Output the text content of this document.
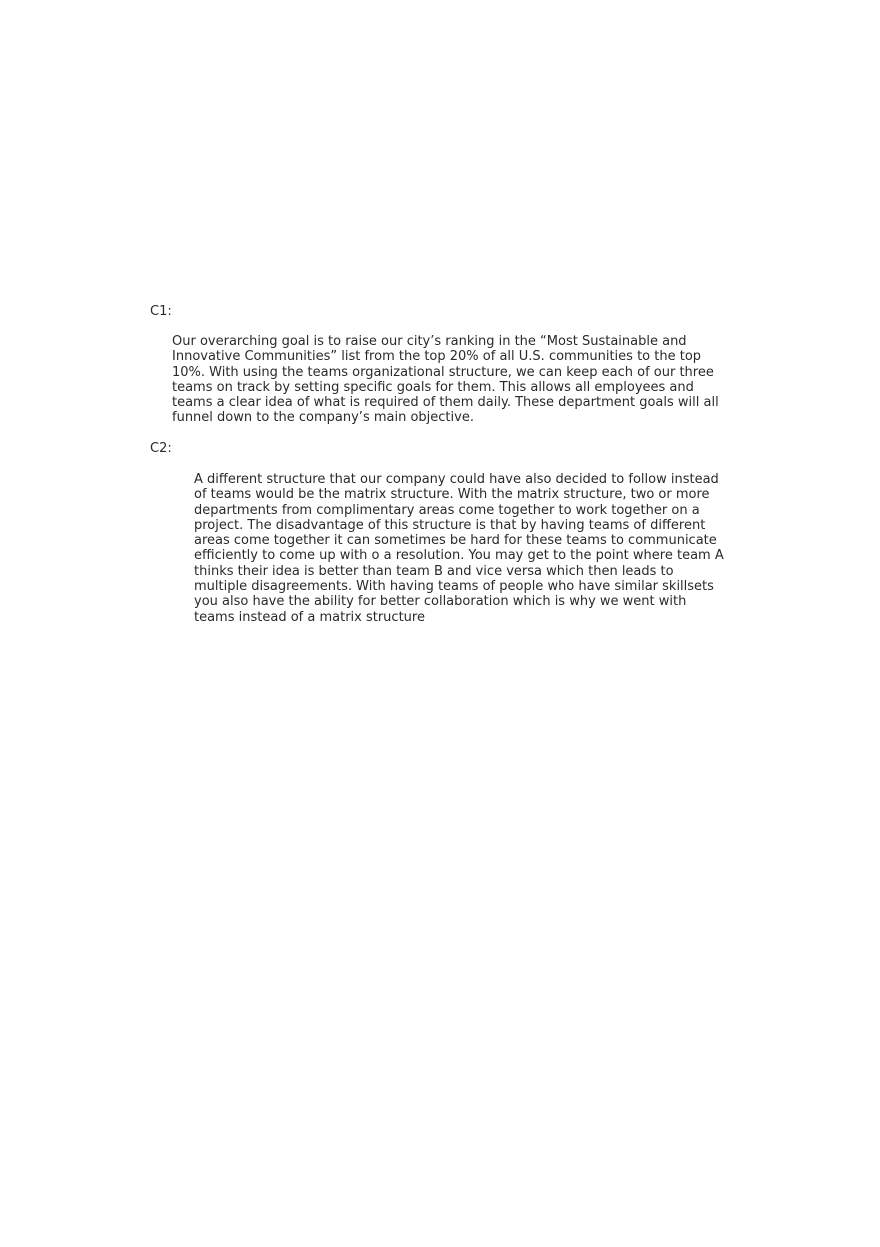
C1:

Our overarching goal is to raise our city’s ranking in the “Most Sustainable and
Innovative Communities” list from the top 20% of all U.S. communities to the top
10%. With using the teams organizational structure, we can keep each of our three
teams on track by setting specific goals for them. This allows all employees and
teams a clear idea of what is required of them daily. These department goals will all
funnel down to the company’s main objective.

C2:

A different structure that our company could have also decided to follow instead
of teams would be the matrix structure. With the matrix structure, two or more
departments from complimentary areas come together to work together on a
project. The disadvantage of this structure is that by having teams of different
areas come together it can sometimes be hard for these teams to communicate
efficiently to come up with o a resolution. You may get to the point where team A
thinks their idea is better than team B and vice versa which then leads to
multiple disagreements. With having teams of people who have similar skillsets
you also have the ability for better collaboration which is why we went with
teams instead of a matrix structure
